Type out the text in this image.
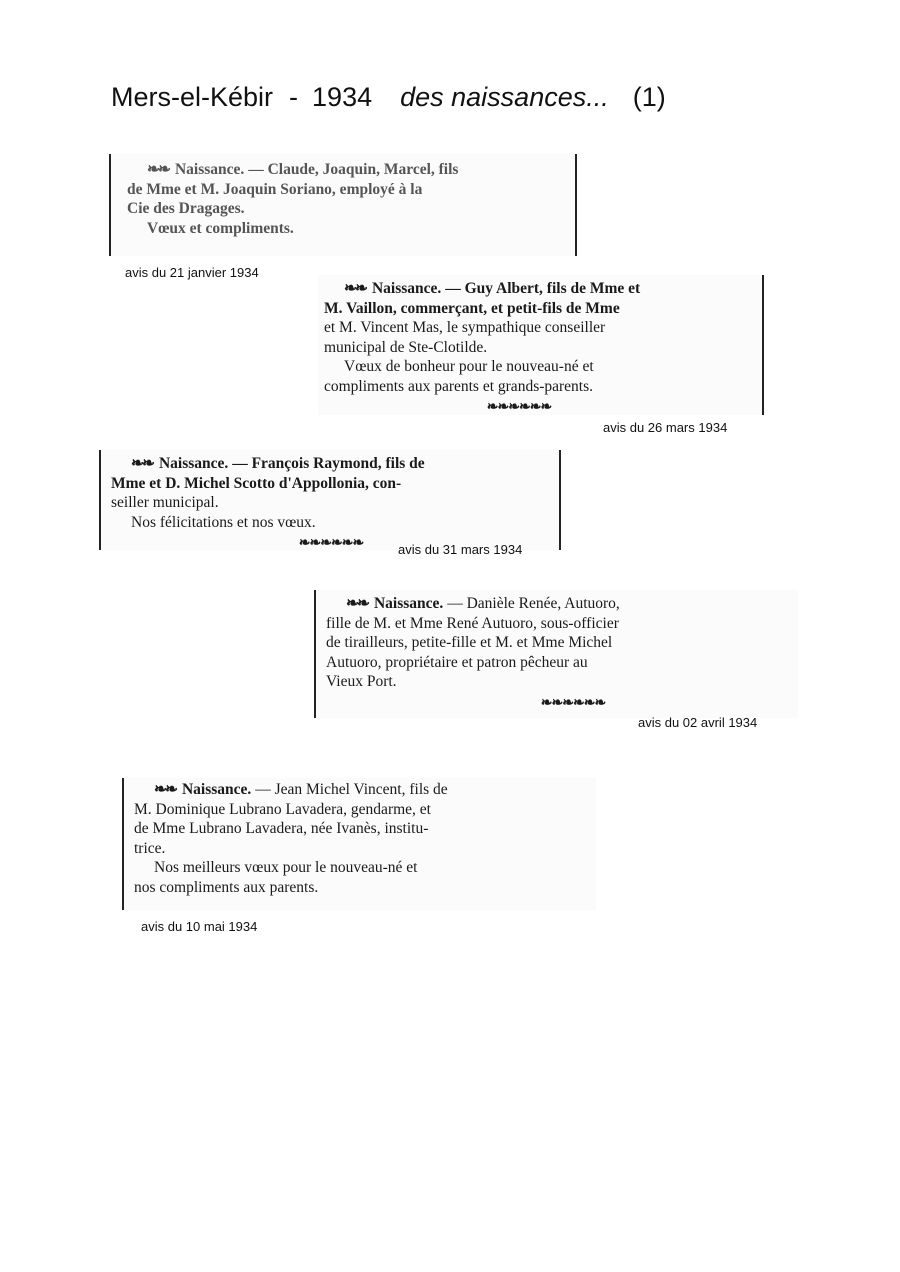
Mers-el-Kébir - 1934 des naissances... (1)

❧❧ Naissance. — Claude, Joaquin, Marcel, fils

de Mme et M. Joaquin Soriano, employé à la

Cie des Dragages.

Vœux et compliments.

avis du 21 janvier 1934

❧❧ Naissance. — Guy Albert, fils de Mme et

M. Vaillon, commerçant, et petit-fils de Mme

et M. Vincent Mas, le sympathique conseiller

municipal de Ste-Clotilde.

Vœux de bonheur pour le nouveau-né et

compliments aux parents et grands-parents.

❧❧❧❧❧❧
avis du 26 mars 1934

❧❧ Naissance. — François Raymond, fils de

Mme et D. Michel Scotto d'Appollonia, con-

seiller municipal.

Nos félicitations et nos vœux.

❧❧❧❧❧❧	avis du 31 mars 1934

❧❧ Naissance. — Danièle Renée, Autuoro,

fille de M. et Mme René Autuoro, sous-officier

de tirailleurs, petite-fille et M. et Mme Michel

Autuoro, propriétaire et patron pêcheur au

Vieux Port.

❧❧❧❧❧❧
avis du 02 avril 1934

❧❧ Naissance. — Jean Michel Vincent, fils de

M. Dominique Lubrano Lavadera, gendarme, et

de Mme Lubrano Lavadera, née Ivanès, institu-

trice.

Nos meilleurs vœux pour le nouveau-né et

nos compliments aux parents.

avis du 10 mai 1934
